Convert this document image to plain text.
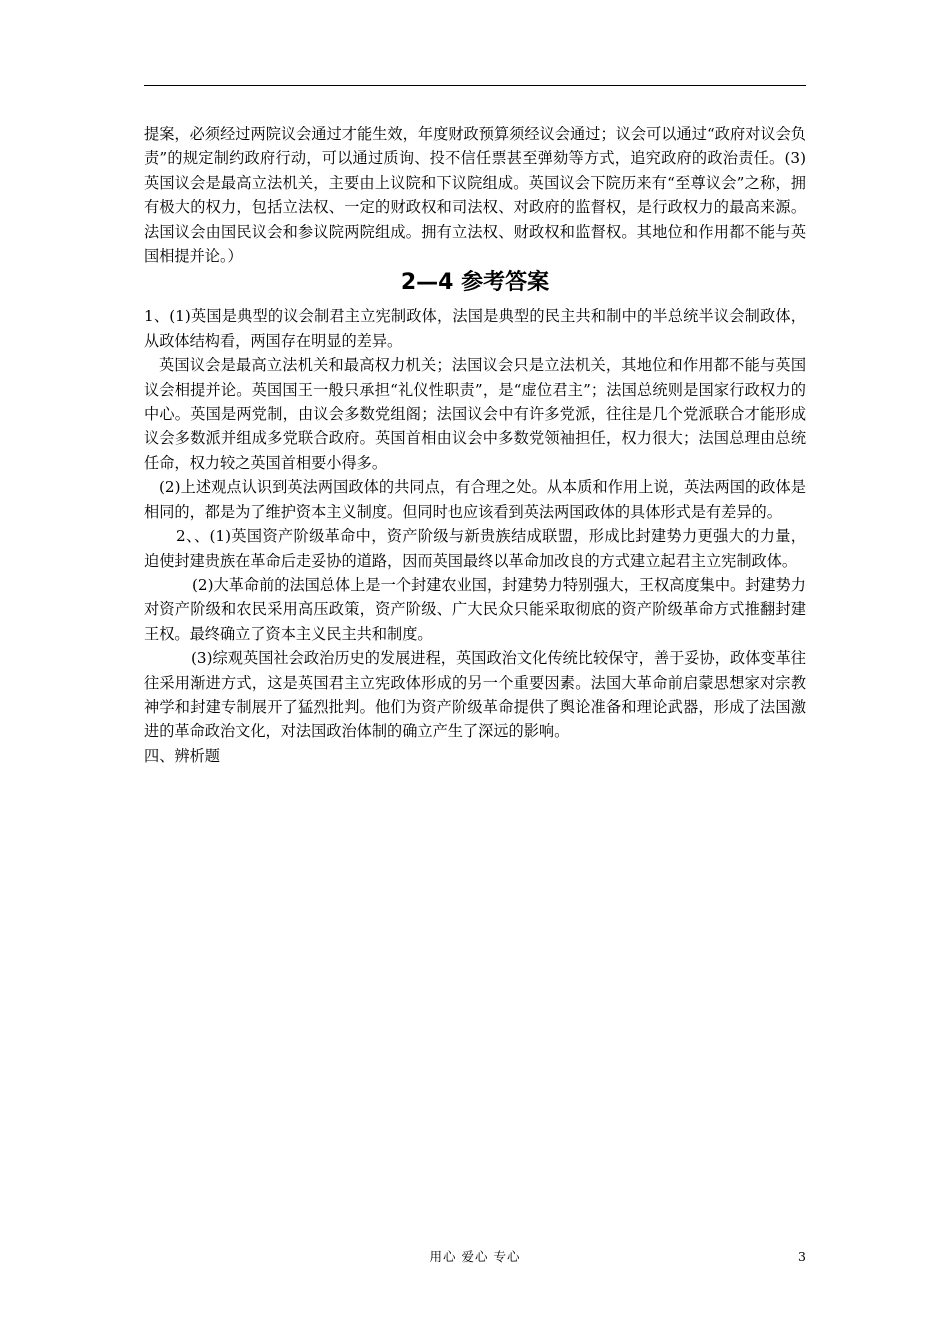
提案，必须经过两院议会通过才能生效，年度财政预算须经议会通过；议会可以通过“政府对议会负责”的规定制约政府行动，可以通过质询、投不信任票甚至弹劾等方式，追究政府的政治责任。(3)英国议会是最高立法机关，主要由上议院和下议院组成。英国议会下院历来有“至尊议会”之称，拥有极大的权力，包括立法权、一定的财政权和司法权、对政府的监督权，是行政权力的最高来源。法国议会由国民议会和参议院两院组成。拥有立法权、财政权和监督权。其地位和作用都不能与英国相提并论。）

2—4 参考答案

1、(1)英国是典型的议会制君主立宪制政体，法国是典型的民主共和制中的半总统半议会制政体，从政体结构看，两国存在明显的差异。

英国议会是最高立法机关和最高权力机关；法国议会只是立法机关，其地位和作用都不能与英国议会相提并论。英国国王一般只承担“礼仪性职责”，是“虚位君主”；法国总统则是国家行政权力的中心。英国是两党制，由议会多数党组阁；法国议会中有许多党派，往往是几个党派联合才能形成议会多数派并组成多党联合政府。英国首相由议会中多数党领袖担任，权力很大；法国总理由总统任命，权力较之英国首相要小得多。

(2)上述观点认识到英法两国政体的共同点，有合理之处。从本质和作用上说，英法两国的政体是相同的，都是为了维护资本主义制度。但同时也应该看到英法两国政体的具体形式是有差异的。

2、、(1)英国资产阶级革命中，资产阶级与新贵族结成联盟，形成比封建势力更强大的力量，迫使封建贵族在革命后走妥协的道路，因而英国最终以革命加改良的方式建立起君主立宪制政体。

(2)大革命前的法国总体上是一个封建农业国，封建势力特别强大，王权高度集中。封建势力对资产阶级和农民采用高压政策，资产阶级、广大民众只能采取彻底的资产阶级革命方式推翻封建王权。最终确立了资本主义民主共和制度。

(3)综观英国社会政治历史的发展进程，英国政治文化传统比较保守，善于妥协，政体变革往往采用渐进方式，这是英国君主立宪政体形成的另一个重要因素。法国大革命前启蒙思想家对宗教神学和封建专制展开了猛烈批判。他们为资产阶级革命提供了舆论准备和理论武器，形成了法国激进的革命政治文化，对法国政治体制的确立产生了深远的影响。

四、辨析题

用心 爱心 专心	3
